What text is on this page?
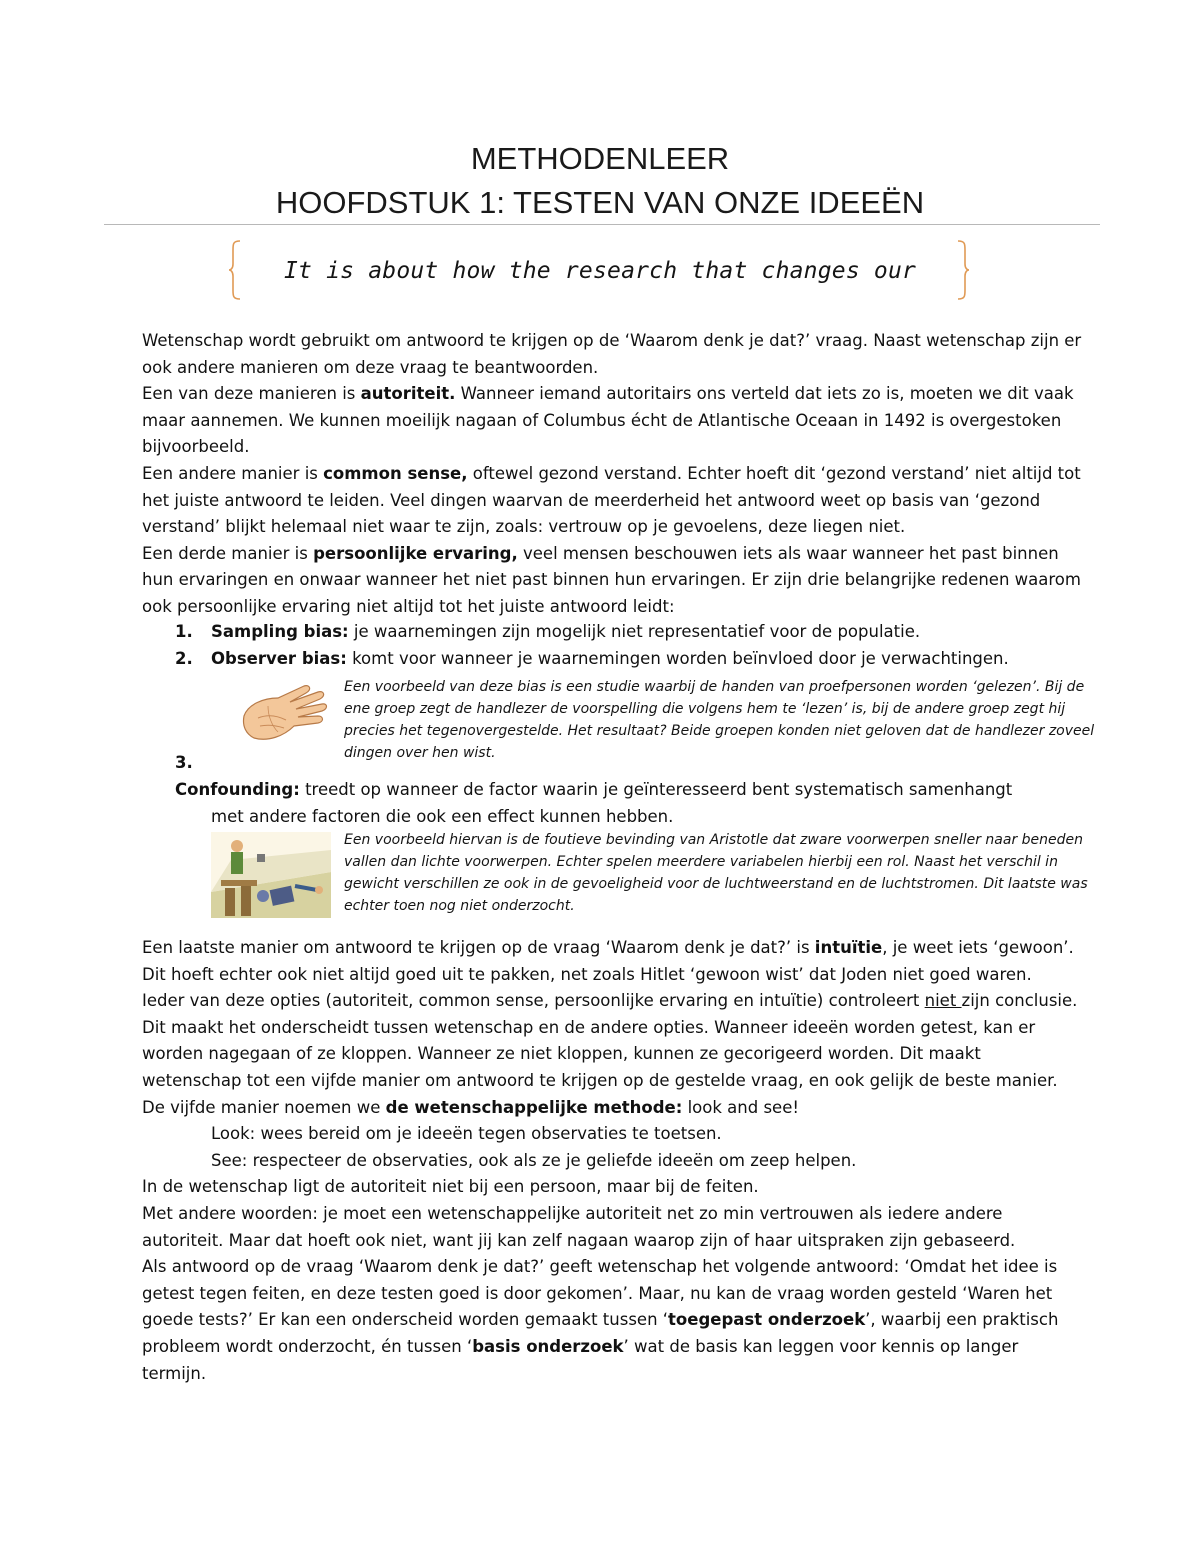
METHODENLEER
HOOFDSTUK 1: TESTEN VAN ONZE IDEEËN
It is about how the research that changes our
Wetenschap wordt gebruikt om antwoord te krijgen op de ‘Waarom denk je dat?’ vraag. Naast wetenschap zijn er ook andere manieren om deze vraag te beantwoorden.
Een van deze manieren is autoriteit. Wanneer iemand autoritairs ons verteld dat iets zo is, moeten we dit vaak maar aannemen. We kunnen moeilijk nagaan of Columbus écht de Atlantische Oceaan in 1492 is overgestoken bijvoorbeeld.
Een andere manier is common sense, oftewel gezond verstand. Echter hoeft dit ‘gezond verstand’ niet altijd tot het juiste antwoord te leiden. Veel dingen waarvan de meerderheid het antwoord weet op basis van ‘gezond verstand’ blijkt helemaal niet waar te zijn, zoals: vertrouw op je gevoelens, deze liegen niet.
Een derde manier is persoonlijke ervaring, veel mensen beschouwen iets als waar wanneer het past binnen hun ervaringen en onwaar wanneer het niet past binnen hun ervaringen. Er zijn drie belangrijke redenen waarom ook persoonlijke ervaring niet altijd tot het juiste antwoord leidt:
1. Sampling bias: je waarnemingen zijn mogelijk niet representatief voor de populatie.
2. Observer bias: komt voor wanneer je waarnemingen worden beïnvloed door je verwachtingen.
Een voorbeeld van deze bias is een studie waarbij de handen van proefpersonen worden ‘gelezen’. Bij de ene groep zegt de handlezer de voorspelling die volgens hem te ‘lezen’ is, bij de andere groep zegt hij precies het tegenovergestelde. Het resultaat? Beide groepen konden niet geloven dat de handlezer zoveel dingen over hen wist.
3.
Confounding: treedt op wanneer de factor waarin je geïnteresseerd bent systematisch samenhangt
met andere factoren die ook een effect kunnen hebben.
Een voorbeeld hiervan is de foutieve bevinding van Aristotle dat zware voorwerpen sneller naar beneden vallen dan lichte voorwerpen. Echter spelen meerdere variabelen hierbij een rol. Naast het verschil in gewicht verschillen ze ook in de gevoeligheid voor de luchtweerstand en de luchtstromen. Dit laatste was echter toen nog niet onderzocht.
Een laatste manier om antwoord te krijgen op de vraag ‘Waarom denk je dat?’ is intuïtie, je weet iets ‘gewoon’. Dit hoeft echter ook niet altijd goed uit te pakken, net zoals Hitlet ‘gewoon wist’ dat Joden niet goed waren.
Ieder van deze opties (autoriteit, common sense, persoonlijke ervaring en intuïtie) controleert niet zijn conclusie. Dit maakt het onderscheidt tussen wetenschap en de andere opties. Wanneer ideeën worden getest, kan er worden nagegaan of ze kloppen. Wanneer ze niet kloppen, kunnen ze gecorigeerd worden. Dit maakt wetenschap tot een vijfde manier om antwoord te krijgen op de gestelde vraag, en ook gelijk de beste manier. De vijfde manier noemen we de wetenschappelijke methode: look and see!
Look: wees bereid om je ideeën tegen observaties te toetsen.
See: respecteer de observaties, ook als ze je geliefde ideeën om zeep helpen.
In de wetenschap ligt de autoriteit niet bij een persoon, maar bij de feiten.
Met andere woorden: je moet een wetenschappelijke autoriteit net zo min vertrouwen als iedere andere autoriteit. Maar dat hoeft ook niet, want jij kan zelf nagaan waarop zijn of haar uitspraken zijn gebaseerd.
Als antwoord op de vraag ‘Waarom denk je dat?’ geeft wetenschap het volgende antwoord: ‘Omdat het idee is getest tegen feiten, en deze testen goed is door gekomen’. Maar, nu kan de vraag worden gesteld ‘Waren het goede tests?’ Er kan een onderscheid worden gemaakt tussen ‘toegepast onderzoek’, waarbij een praktisch probleem wordt onderzocht, én tussen ‘basis onderzoek’ wat de basis kan leggen voor kennis op langer termijn.
